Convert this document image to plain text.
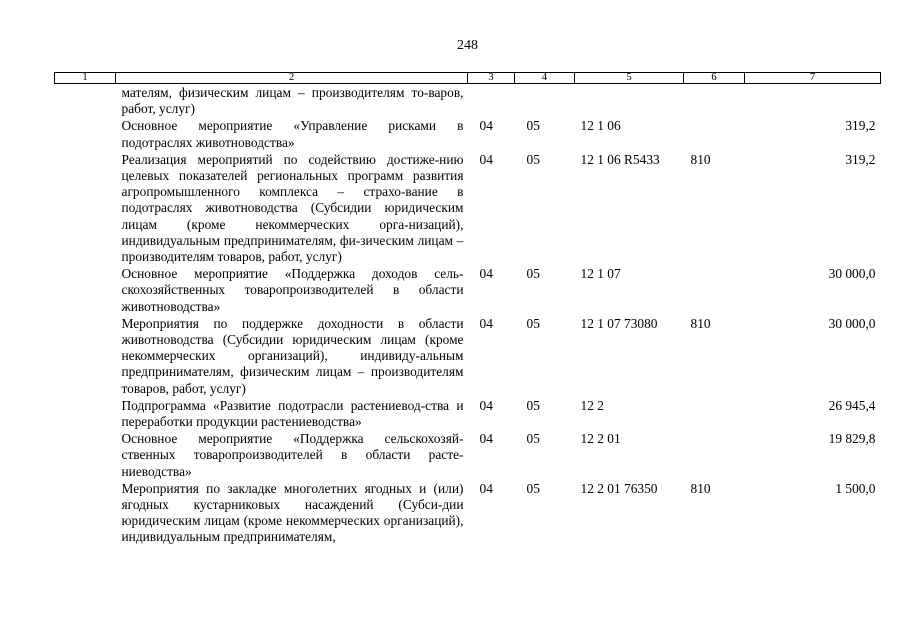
248
1	2	3	4	5	6	7
	мателям, физическим лицам – производителям то-варов, работ, услуг)					
	Основное мероприятие «Управление рисками в подотраслях животноводства»	04	05	12 1 06		319,2
	Реализация мероприятий по содействию достиже-нию целевых показателей региональных программ развития агропромышленного комплекса – страхо-вание в подотраслях животноводства (Субсидии юридическим лицам (кроме некоммерческих орга-низаций), индивидуальным предпринимателям, фи-зическим лицам – производителям товаров, работ, услуг)	04	05	12 1 06 R5433	810	319,2
	Основное мероприятие «Поддержка доходов сель-скохозяйственных товаропроизводителей в области животноводства»	04	05	12 1 07		30 000,0
	Мероприятия по поддержке доходности в области животноводства (Субсидии юридическим лицам (кроме некоммерческих организаций), индивиду-альным предпринимателям, физическим лицам – производителям товаров, работ, услуг)	04	05	12 1 07 73080	810	30 000,0
	Подпрограмма «Развитие подотрасли растениевод-ства и переработки продукции растениеводства»	04	05	12 2		26 945,4
	Основное мероприятие «Поддержка сельскохозяй-ственных товаропроизводителей в области расте-ниеводства»	04	05	12 2 01		19 829,8
	Мероприятия по закладке многолетних ягодных и (или) ягодных кустарниковых насаждений (Субси-дии юридическим лицам (кроме некоммерческих организаций), индивидуальным предпринимателям,	04	05	12 2 01 76350	810	1 500,0
